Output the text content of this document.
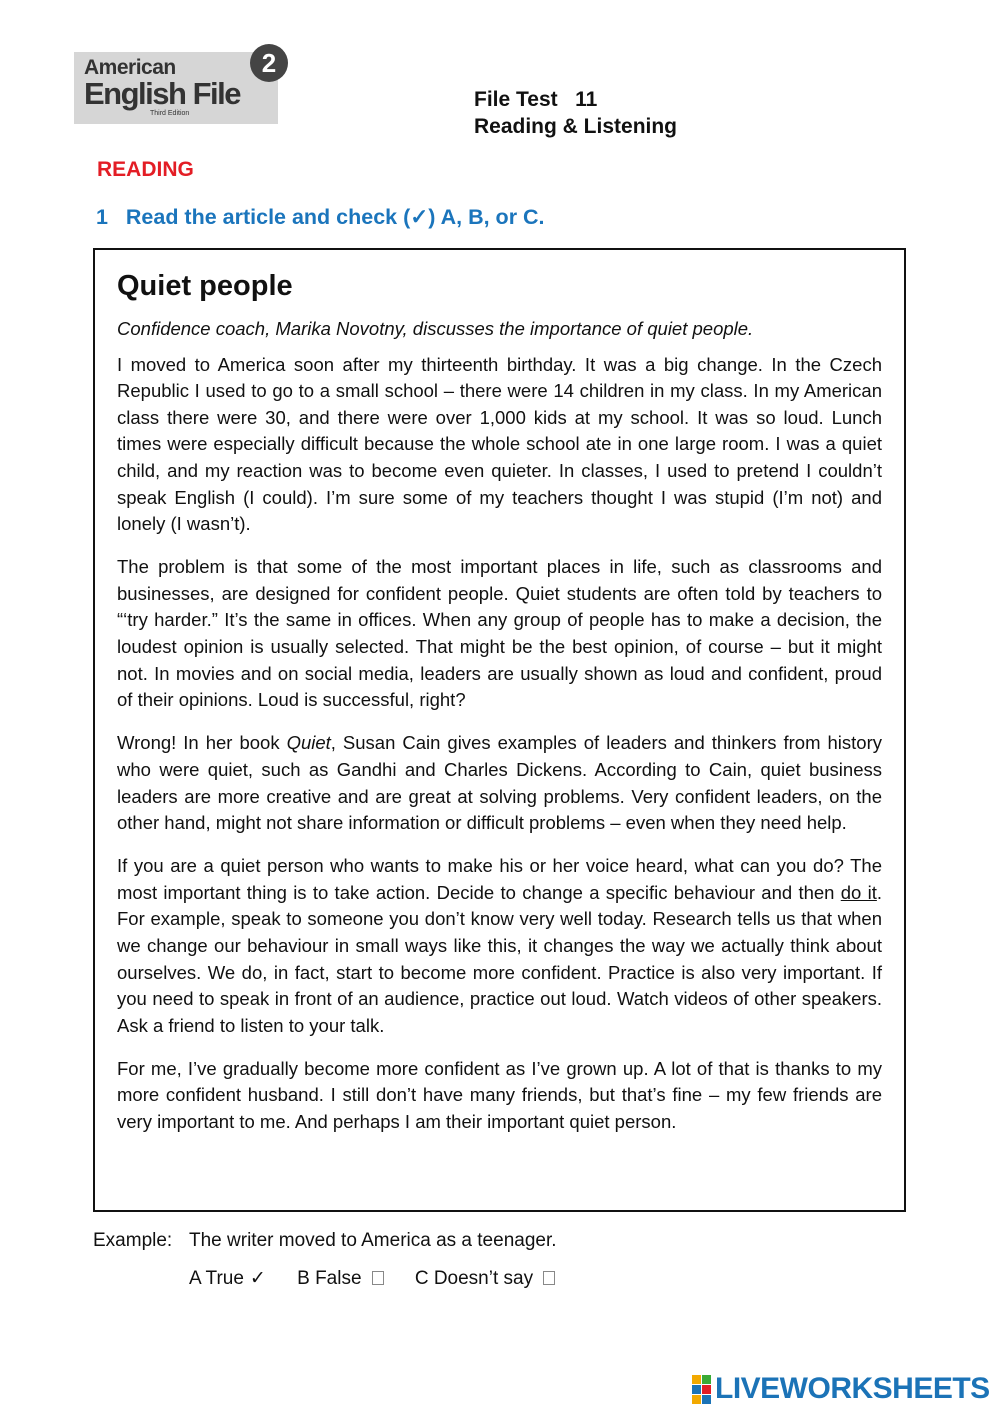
American
English File
Third Edition
2
File Test   11
Reading & Listening
READING
1   Read the article and check (✓) A, B, or C.
Quiet people
Confidence coach, Marika Novotny, discusses the importance of quiet people.
I moved to America soon after my thirteenth birthday. It was a big change. In the Czech Republic I used to go to a small school – there were 14 children in my class. In my American class there were 30, and there were over 1,000 kids at my school. It was so loud. Lunch times were especially difficult because the whole school ate in one large room. I was a quiet child, and my reaction was to become even quieter. In classes, I used to pretend I couldn’t speak English (I could). I’m sure some of my teachers thought I was stupid (I’m not) and lonely (I wasn’t).
The problem is that some of the most important places in life, such as classrooms and businesses, are designed for confident people. Quiet students are often told by teachers to “‘try harder.” It’s the same in offices. When any group of people has to make a decision, the loudest opinion is usually selected. That might be the best opinion, of course – but it might not. In movies and on social media, leaders are usually shown as loud and confident, proud of their opinions. Loud is successful, right?
Wrong! In her book Quiet, Susan Cain gives examples of leaders and thinkers from history who were quiet, such as Gandhi and Charles Dickens. According to Cain, quiet business leaders are more creative and are great at solving problems. Very confident leaders, on the other hand, might not share information or difficult problems – even when they need help.
If you are a quiet person who wants to make his or her voice heard, what can you do? The most important thing is to take action. Decide to change a specific behaviour and then do it. For example, speak to someone you don’t know very well today. Research tells us that when we change our behaviour in small ways like this, it changes the way we actually think about ourselves. We do, in fact, start to become more confident. Practice is also very important. If you need to speak in front of an audience, practice out loud. Watch videos of other speakers. Ask a friend to listen to your talk.
For me, I’ve gradually become more confident as I’ve grown up. A lot of that is thanks to my more confident husband. I still don’t have many friends, but that’s fine – my few friends are very important to me. And perhaps I am their important quiet person.
Example: The writer moved to America as a teenager.
A True ✓ B False	C Doesn’t say
LIVEWORKSHEETS
